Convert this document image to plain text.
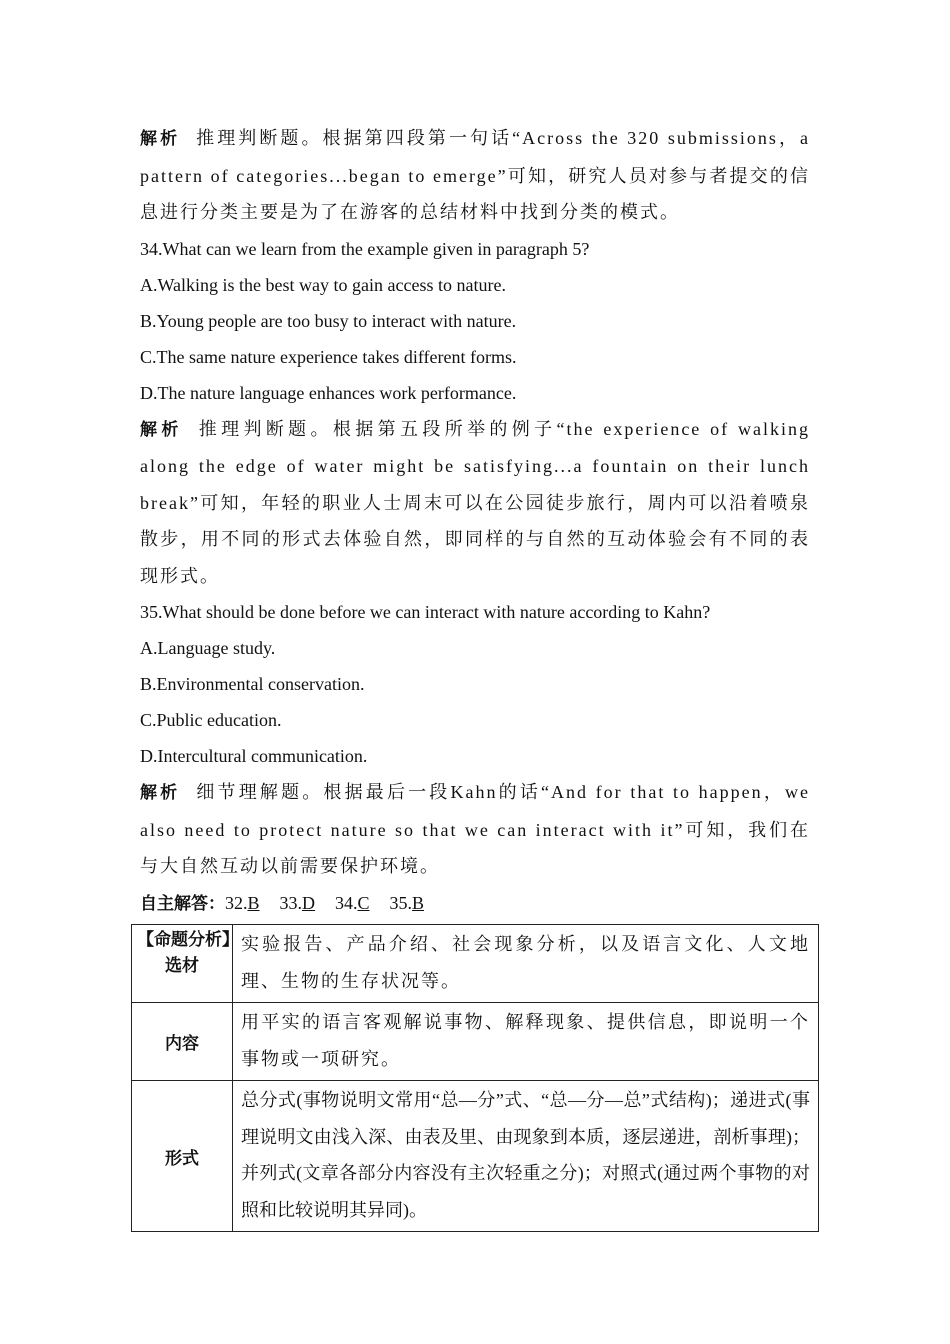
解析 推理判断题。根据第四段第一句话“Across the 320 submissions，a pattern of categories...began to emerge”可知，研究人员对参与者提交的信息进行分类主要是为了在游客的总结材料中找到分类的模式。

34.What can we learn from the example given in paragraph 5?

A.Walking is the best way to gain access to nature.

B.Young people are too busy to interact with nature.

C.The same nature experience takes different forms.

D.The nature language enhances work performance.

解析 推理判断题。根据第五段所举的例子“the experience of walking along the edge of water might be satisfying...a fountain on their lunch break”可知，年轻的职业人士周末可以在公园徒步旅行，周内可以沿着喷泉散步，用不同的形式去体验自然，即同样的与自然的互动体验会有不同的表现形式。

35.What should be done before we can interact with nature according to Kahn?

A.Language study.

B.Environmental conservation.

C.Public education.

D.Intercultural communication.

解析 细节理解题。根据最后一段Kahn的话“And for that to happen，we also need to protect nature so that we can interact with it”可知，我们在与大自然互动以前需要保护环境。

自主解答：32.B 33.D 34.C 35.B

【命题分析】

选材	实验报告、产品介绍、社会现象分析，以及语言文化、人文地理、生物的生存状况等。
内容	用平实的语言客观解说事物、解释现象、提供信息，即说明一个事物或一项研究。
形式	总分式(事物说明文常用“总—分”式、“总—分—总”式结构)；递进式(事理说明文由浅入深、由表及里、由现象到本质，逐层递进，剖析事理)；并列式(文章各部分内容没有主次轻重之分)；对照式(通过两个事物的对照和比较说明其异同)。
